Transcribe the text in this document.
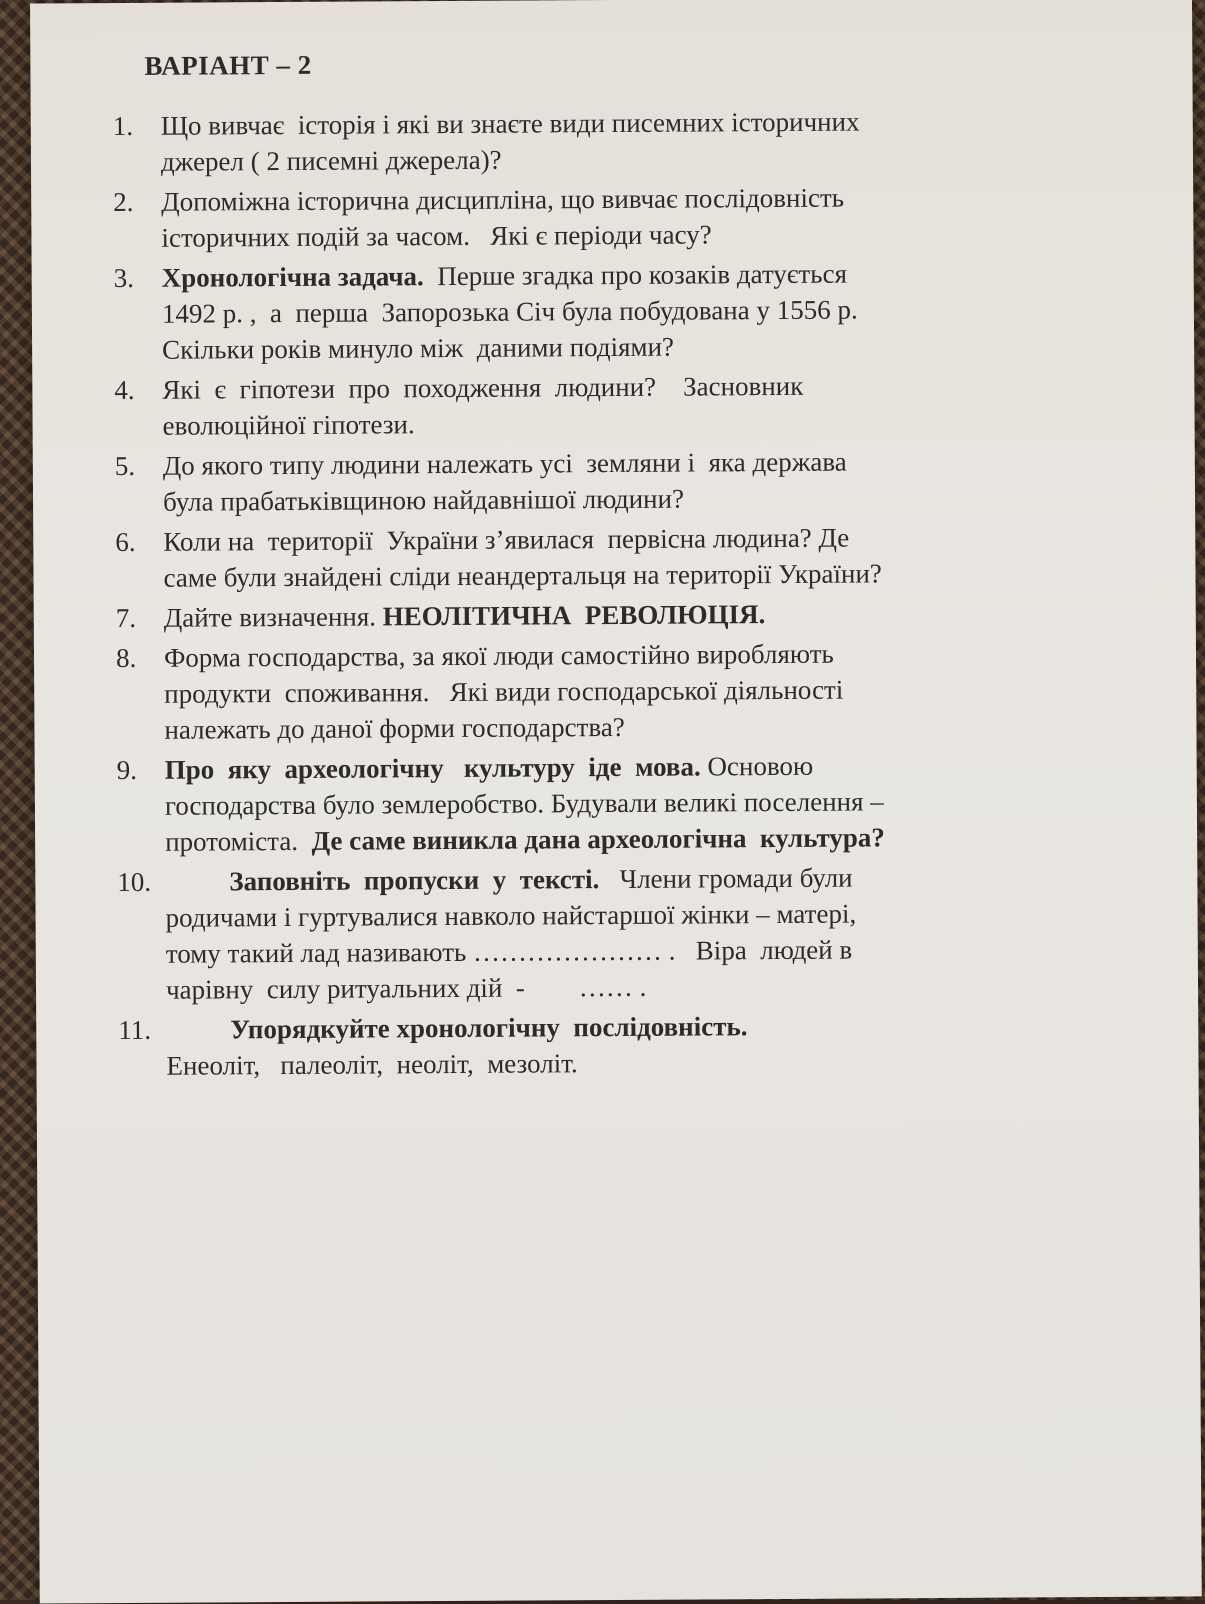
ВАРІАНТ – 2
1.	Що вивчає  історія і які ви знаєте види писемних історичних
джерел ( 2 писемні джерела)?
2.	Допоміжна історична дисципліна, що вивчає послідовність
історичних подій за часом.   Які є періоди часу?
3.	Хронологічна задача.  Перше згадка про козаків датується
1492 р. ,  а  перша  Запорозька Січ була побудована у 1556 р.
Скільки років минуло між  даними подіями?
4.	Які  є  гіпотези  про  походження  людини?    Засновник
еволюційної гіпотези.
5.	До якого типу людини належать усі  земляни і  яка держава
була прабатьківщиною найдавнішої людини?
6.	Коли на  території  України з’явилася  первісна людина? Де
саме були знайдені сліди неандертальця на території України?
7.	Дайте визначення. НЕОЛІТИЧНА  РЕВОЛЮЦІЯ.
8.	Форма господарства, за якої люди самостійно виробляють
продукти  споживання.   Які види господарської діяльності
належать до даної форми господарства?
9.	Про  яку  археологічну   культуру  іде  мова. Основою
господарства було землеробство. Будували великі поселення –
протоміста.  Де саме виникла дана археологічна  культура?
10.	Заповніть  пропуски  у  тексті.   Члени громади були
родичами і гуртувалися навколо найстаршої жінки – матері,
тому такий лад називають ………………… .   Віра  людей в
чарівну  силу ритуальних дій  -        …… .
11.	Упорядкуйте хронологічну  послідовність.
Енеоліт,   палеоліт,  неоліт,  мезоліт.
